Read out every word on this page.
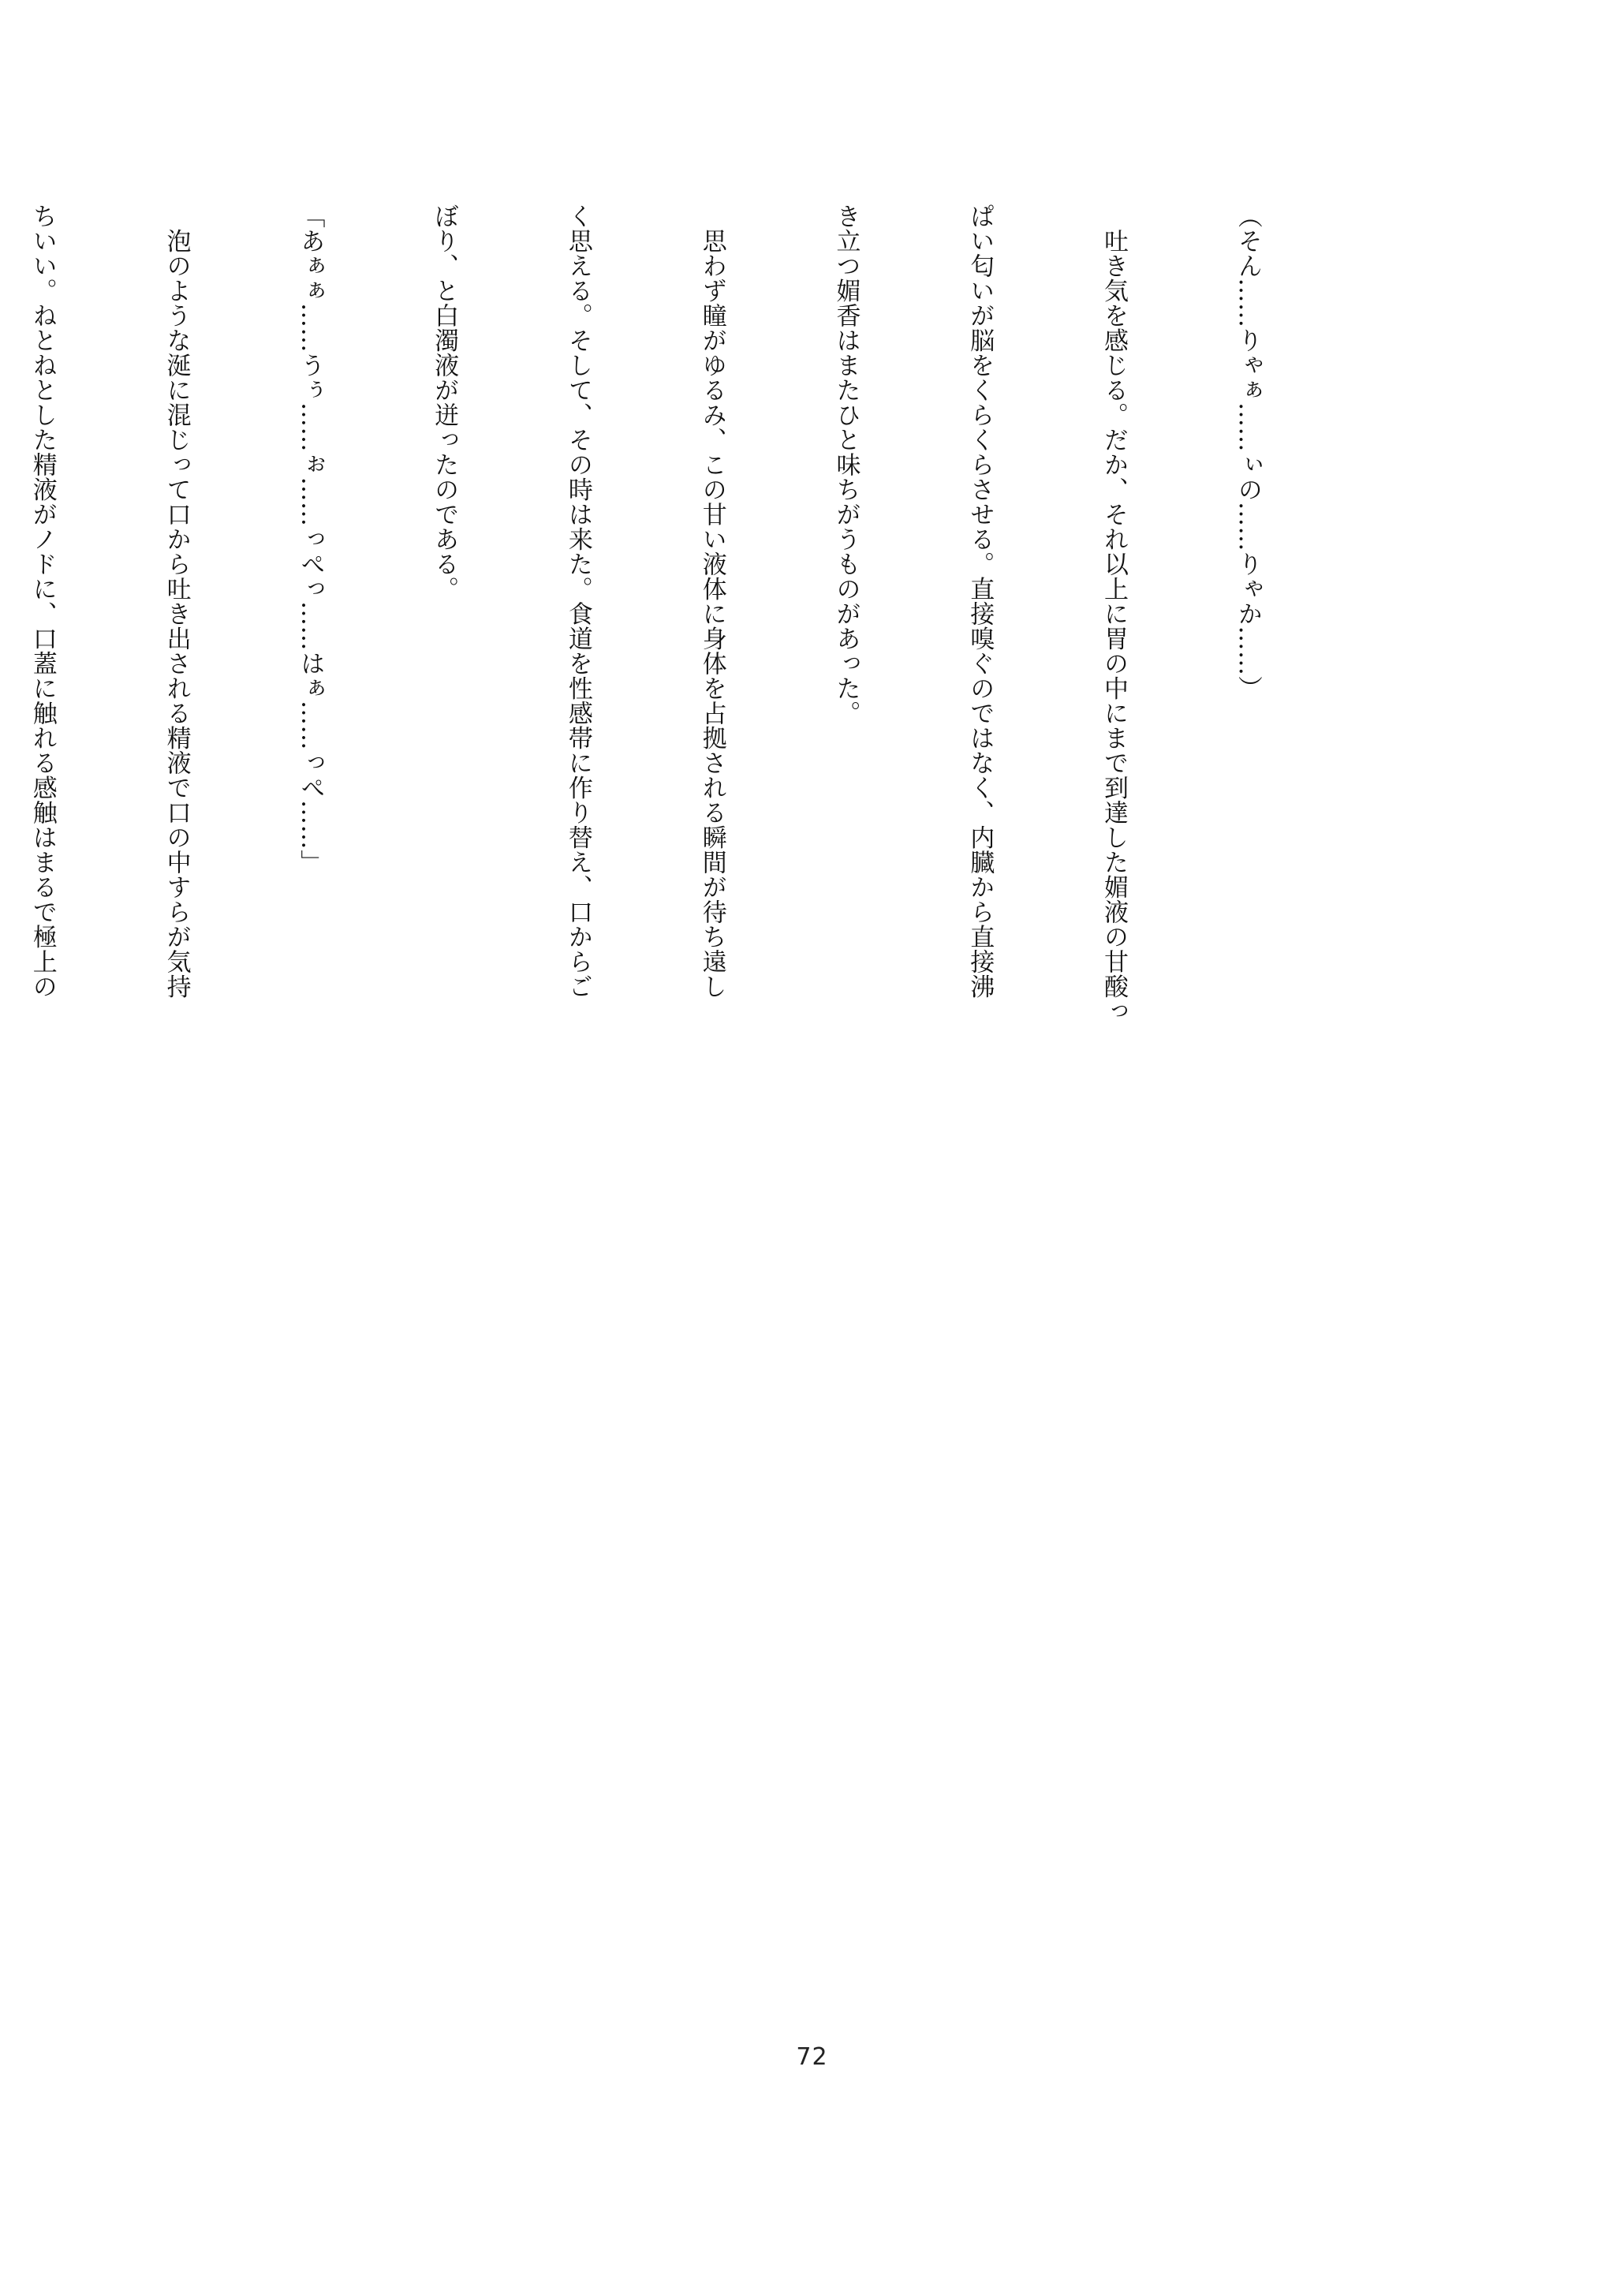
（そん……りゃぁ……ぃの……りゃか……）

　吐き気を感じる。だか、それ以上に胃の中にまで到達した媚液の甘酸っ

ぱい匂いが脳をくらくらさせる。直接嗅ぐのではなく、内臓から直接沸

き立つ媚香はまたひと味ちがうものがあった。

　思わず瞳がゆるみ、この甘い液体に身体を占拠される瞬間が待ち遠し

く思える。そして、その時は来た。食道を性感帯に作り替え、口からご

ぼり、と白濁液が迸ったのである。

「あぁぁ……うぅ……ぉ……っぺっ……はぁ……っぺ……」

　泡のような涎に混じって口から吐き出される精液で口の中すらが気持

ちいい。ねとねとした精液がノドに、口蓋に触れる感触はまるで極上の

72
